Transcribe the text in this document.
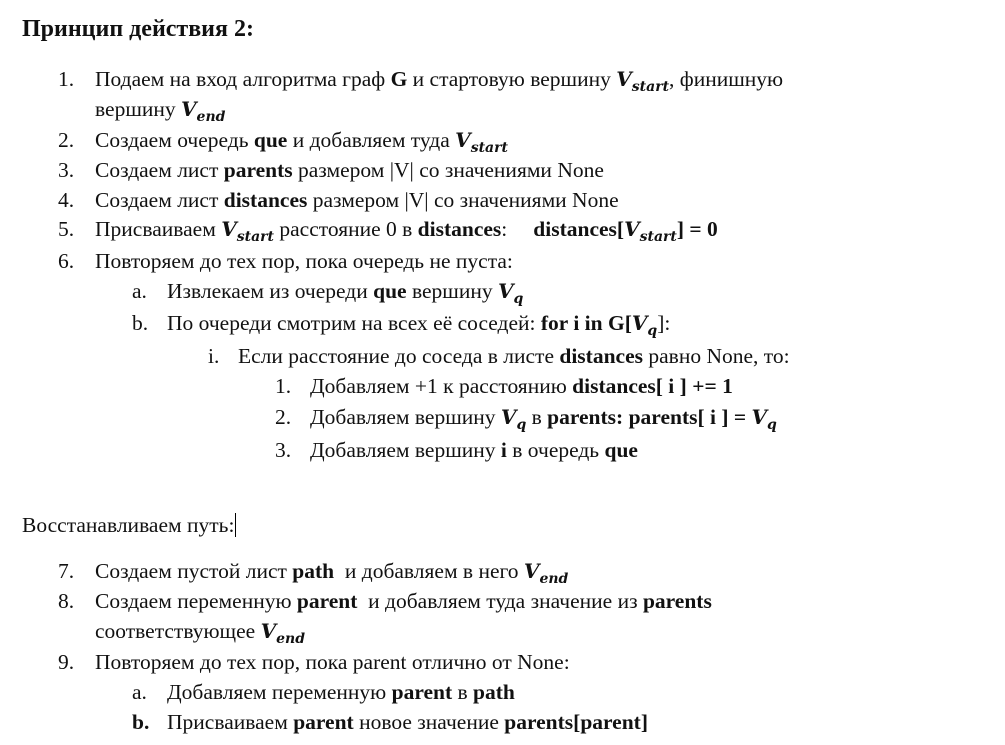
Принцип действия 2:
1. Подаем на вход алгоритма граф G и стартовую вершину $V_{start}$, финишную
вершину $V_{end}$
2. Создаем очередь que и добавляем туда $V_{start}$
3. Создаем лист parents размером |V| со значениями None
4. Создаем лист distances размером |V| со значениями None
5. Присваиваем $V_{start}$ расстояние 0 в distances: $distances[V_{start}] = 0$
6. Повторяем до тех пор, пока очередь не пуста:
a. Извлекаем из очереди que вершину $V_q$
b. По очереди смотрим на всех её соседей: for i in $G[V_q]$:
i. Если расстояние до соседа в листе distances равно None, то:
1. Добавляем +1 к расстоянию distances[ i ] += 1
2. Добавляем вершину $V_q$ в parents: parents[ i ] = $V_q$
3. Добавляем вершину i в очередь que
Восстанавливаем путь:
7. Создаем пустой лист path  и добавляем в него $V_{end}$
8. Создаем переменную parent  и добавляем туда значение из parents
соответствующее $V_{end}$
9. Повторяем до тех пор, пока parent отлично от None:
a. Добавляем переменную parent в path
b. Присваиваем parent новое значение parents[parent]
